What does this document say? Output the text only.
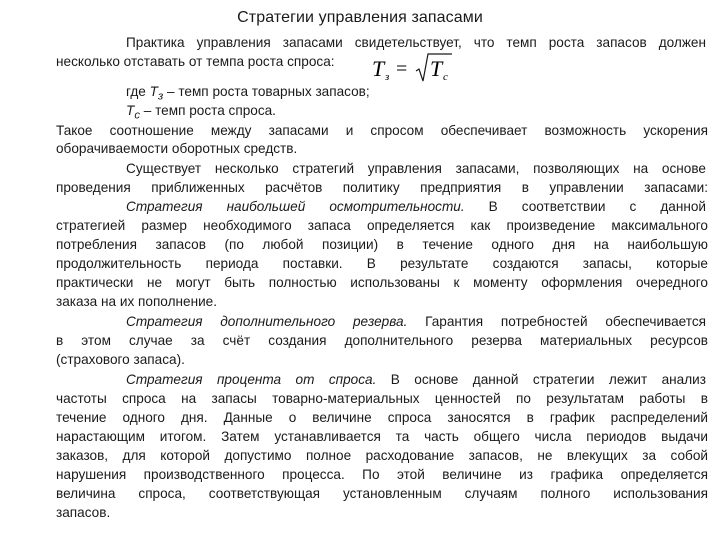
Стратегии управления запасами
Практика управления запасами свидетельствует, что темп роста запасов должен
несколько отставать от темпа роста спроса:	T з = T c
где $Т_з$ – темп роста товарных запасов;
$Т_с$ – темп роста спроса.
Такое соотношение между запасами и спросом обеспечивает возможность ускорения
оборачиваемости оборотных средств.
Существует несколько стратегий управления запасами, позволяющих на основе
проведения приближенных расчётов политику предприятия в управлении запасами:
Стратегия наибольшей осмотрительности. В соответствии с данной
стратегией размер необходимого запаса определяется как произведение максимального
потребления запасов (по любой позиции) в течение одного дня на наибольшую
продолжительность периода поставки. В результате создаются запасы, которые
практически не могут быть полностью использованы к моменту оформления очередного
заказа на их пополнение.
Стратегия дополнительного резерва. Гарантия потребностей обеспечивается
в этом случае за счёт создания дополнительного резерва материальных ресурсов
(страхового запаса).
Стратегия процента от спроса. В основе данной стратегии лежит анализ
частоты спроса на запасы товарно-материальных ценностей по результатам работы в
течение одного дня. Данные о величине спроса заносятся в график распределений
нарастающим итогом. Затем устанавливается та часть общего числа периодов выдачи
заказов, для которой допустимо полное расходование запасов, не влекущих за собой
нарушения производственного процесса. По этой величине из графика определяется
величина спроса, соответствующая установленным случаям полного использования
запасов.
